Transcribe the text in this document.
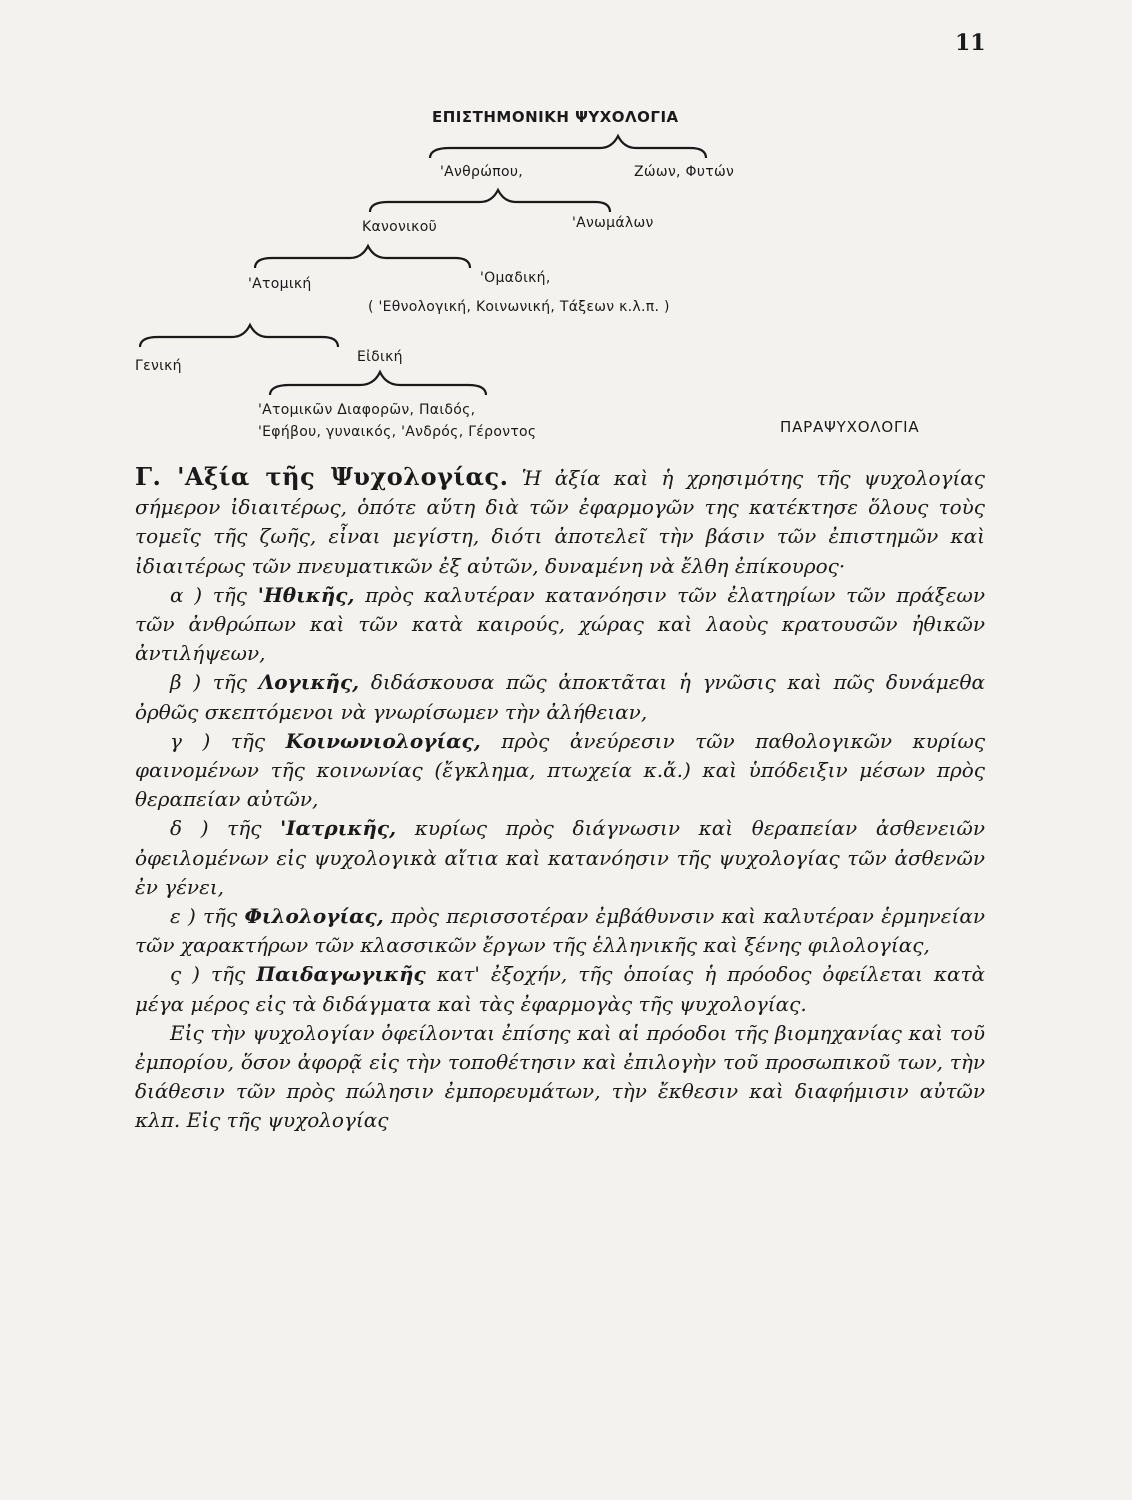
11
ΕΠΙΣΤΗΜΟΝΙΚΗ ΨΥΧΟΛΟΓΙΑ
'Ανθρώπου,	Ζώων, Φυτών
Κανονικοῦ	'Ανωμάλων
'Ατομική	'Ομαδική,
( 'Εθνολογική, Κοινωνική, Τάξεων κ.λ.π. )
Γενική
Εἰδική
'Ατομικῶν Διαφορῶν, Παιδός,
'Εφήβου, γυναικός, 'Ανδρός, Γέροντος	ΠΑΡΑΨΥΧΟΛΟΓΙΑ

Γ. 'Αξία τῆς Ψυχολογίας. Ἡ ἀξία καὶ ἡ χρησιμότης τῆς ψυχολογίας σήμερον ἰδιαιτέρως, ὁπότε αὕτη διὰ τῶν ἐφαρμογῶν της κατέκτησε ὅλους τοὺς τομεῖς τῆς ζωῆς, εἶναι μεγίστη, διότι ἀποτελεῖ τὴν βάσιν τῶν ἐπιστημῶν καὶ ἰδιαιτέρως τῶν πνευματικῶν ἐξ αὐτῶν, δυναμένη νὰ ἔλθη ἐπίκουρος·

α ) τῆς 'Ηθικῆς, πρὸς καλυτέραν κατανόησιν τῶν ἐλατηρίων τῶν πράξεων τῶν ἀνθρώπων καὶ τῶν κατὰ καιρούς, χώρας καὶ λαοὺς κρατουσῶν ἠθικῶν ἀντιλήψεων,

β ) τῆς Λογικῆς, διδάσκουσα πῶς ἀποκτᾶται ἡ γνῶσις καὶ πῶς δυνάμεθα ὀρθῶς σκεπτόμενοι νὰ γνωρίσωμεν τὴν ἀλήθειαν,

γ ) τῆς Κοινωνιολογίας, πρὸς ἀνεύρεσιν τῶν παθολογικῶν κυρίως φαινομένων τῆς κοινωνίας (ἔγκλημα, πτωχεία κ.ἄ.) καὶ ὑπόδειξιν μέσων πρὸς θεραπείαν αὐτῶν,

δ ) τῆς 'Ιατρικῆς, κυρίως πρὸς διάγνωσιν καὶ θεραπείαν ἀσθενειῶν ὀφειλομένων εἰς ψυχολογικὰ αἴτια καὶ κατανόησιν τῆς ψυχολογίας τῶν ἀσθενῶν ἐν γένει,

ε ) τῆς Φιλολογίας, πρὸς περισσοτέραν ἐμβάθυνσιν καὶ καλυτέραν ἑρμηνείαν τῶν χαρακτήρων τῶν κλασσικῶν ἔργων τῆς ἑλληνικῆς καὶ ξένης φιλολογίας,

ς ) τῆς Παιδαγωγικῆς κατ' ἐξοχήν, τῆς ὁποίας ἡ πρόοδος ὀφείλεται κατὰ μέγα μέρος εἰς τὰ διδάγματα καὶ τὰς ἐφαρμογὰς τῆς ψυχολογίας.

Εἰς τὴν ψυχολογίαν ὀφείλονται ἐπίσης καὶ αἱ πρόοδοι τῆς βιομηχανίας καὶ τοῦ ἐμπορίου, ὅσον ἀφορᾷ εἰς τὴν τοποθέτησιν καὶ ἐπιλογὴν τοῦ προσωπικοῦ των, τὴν διάθεσιν τῶν πρὸς πώλησιν ἐμπορευμάτων, τὴν ἔκθεσιν καὶ διαφήμισιν αὐτῶν κλπ. Εἰς τῆς ψυχολογίας
